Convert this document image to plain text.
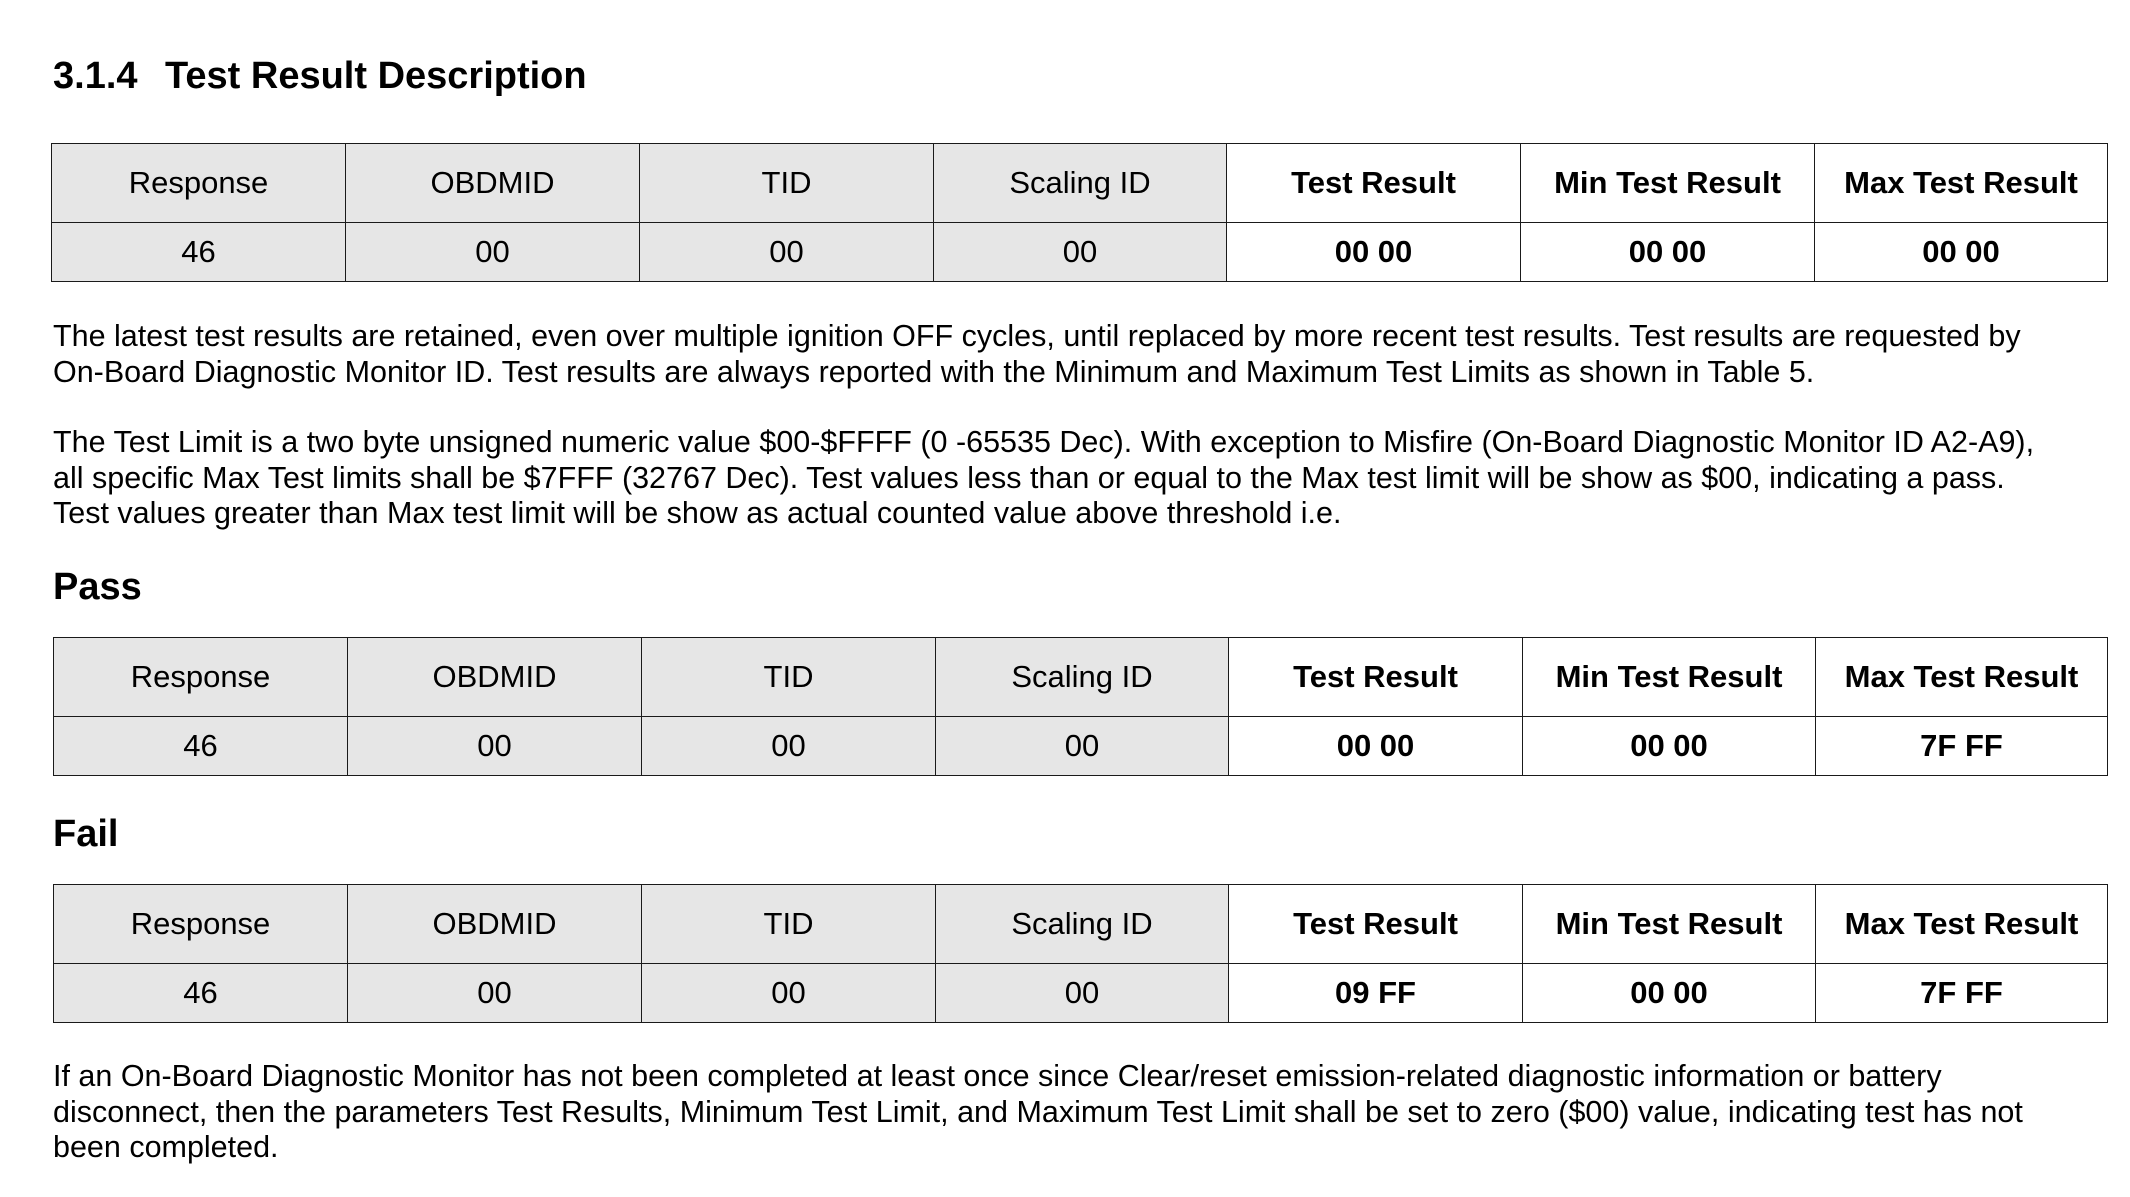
3.1.4 Test Result Description
Response	OBDMID	TID	Scaling ID	Test Result	Min Test Result	Max Test Result
46	00	00	00	00 00	00 00	00 00

The latest test results are retained, even over multiple ignition OFF cycles, until replaced by more recent test results. Test results are requested by
On-Board Diagnostic Monitor ID. Test results are always reported with the Minimum and Maximum Test Limits as shown in Table 5.

The Test Limit is a two byte unsigned numeric value $00-$FFFF (0 -65535 Dec). With exception to Misfire (On-Board Diagnostic Monitor ID A2-A9),
all specific Max Test limits shall be $7FFF (32767 Dec). Test values less than or equal to the Max test limit will be show as $00, indicating a pass.
Test values greater than Max test limit will be show as actual counted value above threshold i.e.

Pass
Response	OBDMID	TID	Scaling ID	Test Result	Min Test Result	Max Test Result
46	00	00	00	00 00	00 00	7F FF
Fail
Response	OBDMID	TID	Scaling ID	Test Result	Min Test Result	Max Test Result
46	00	00	00	09 FF	00 00	7F FF

If an On-Board Diagnostic Monitor has not been completed at least once since Clear/reset emission-related diagnostic information or battery
disconnect, then the parameters Test Results, Minimum Test Limit, and Maximum Test Limit shall be set to zero ($00) value, indicating test has not
been completed.
